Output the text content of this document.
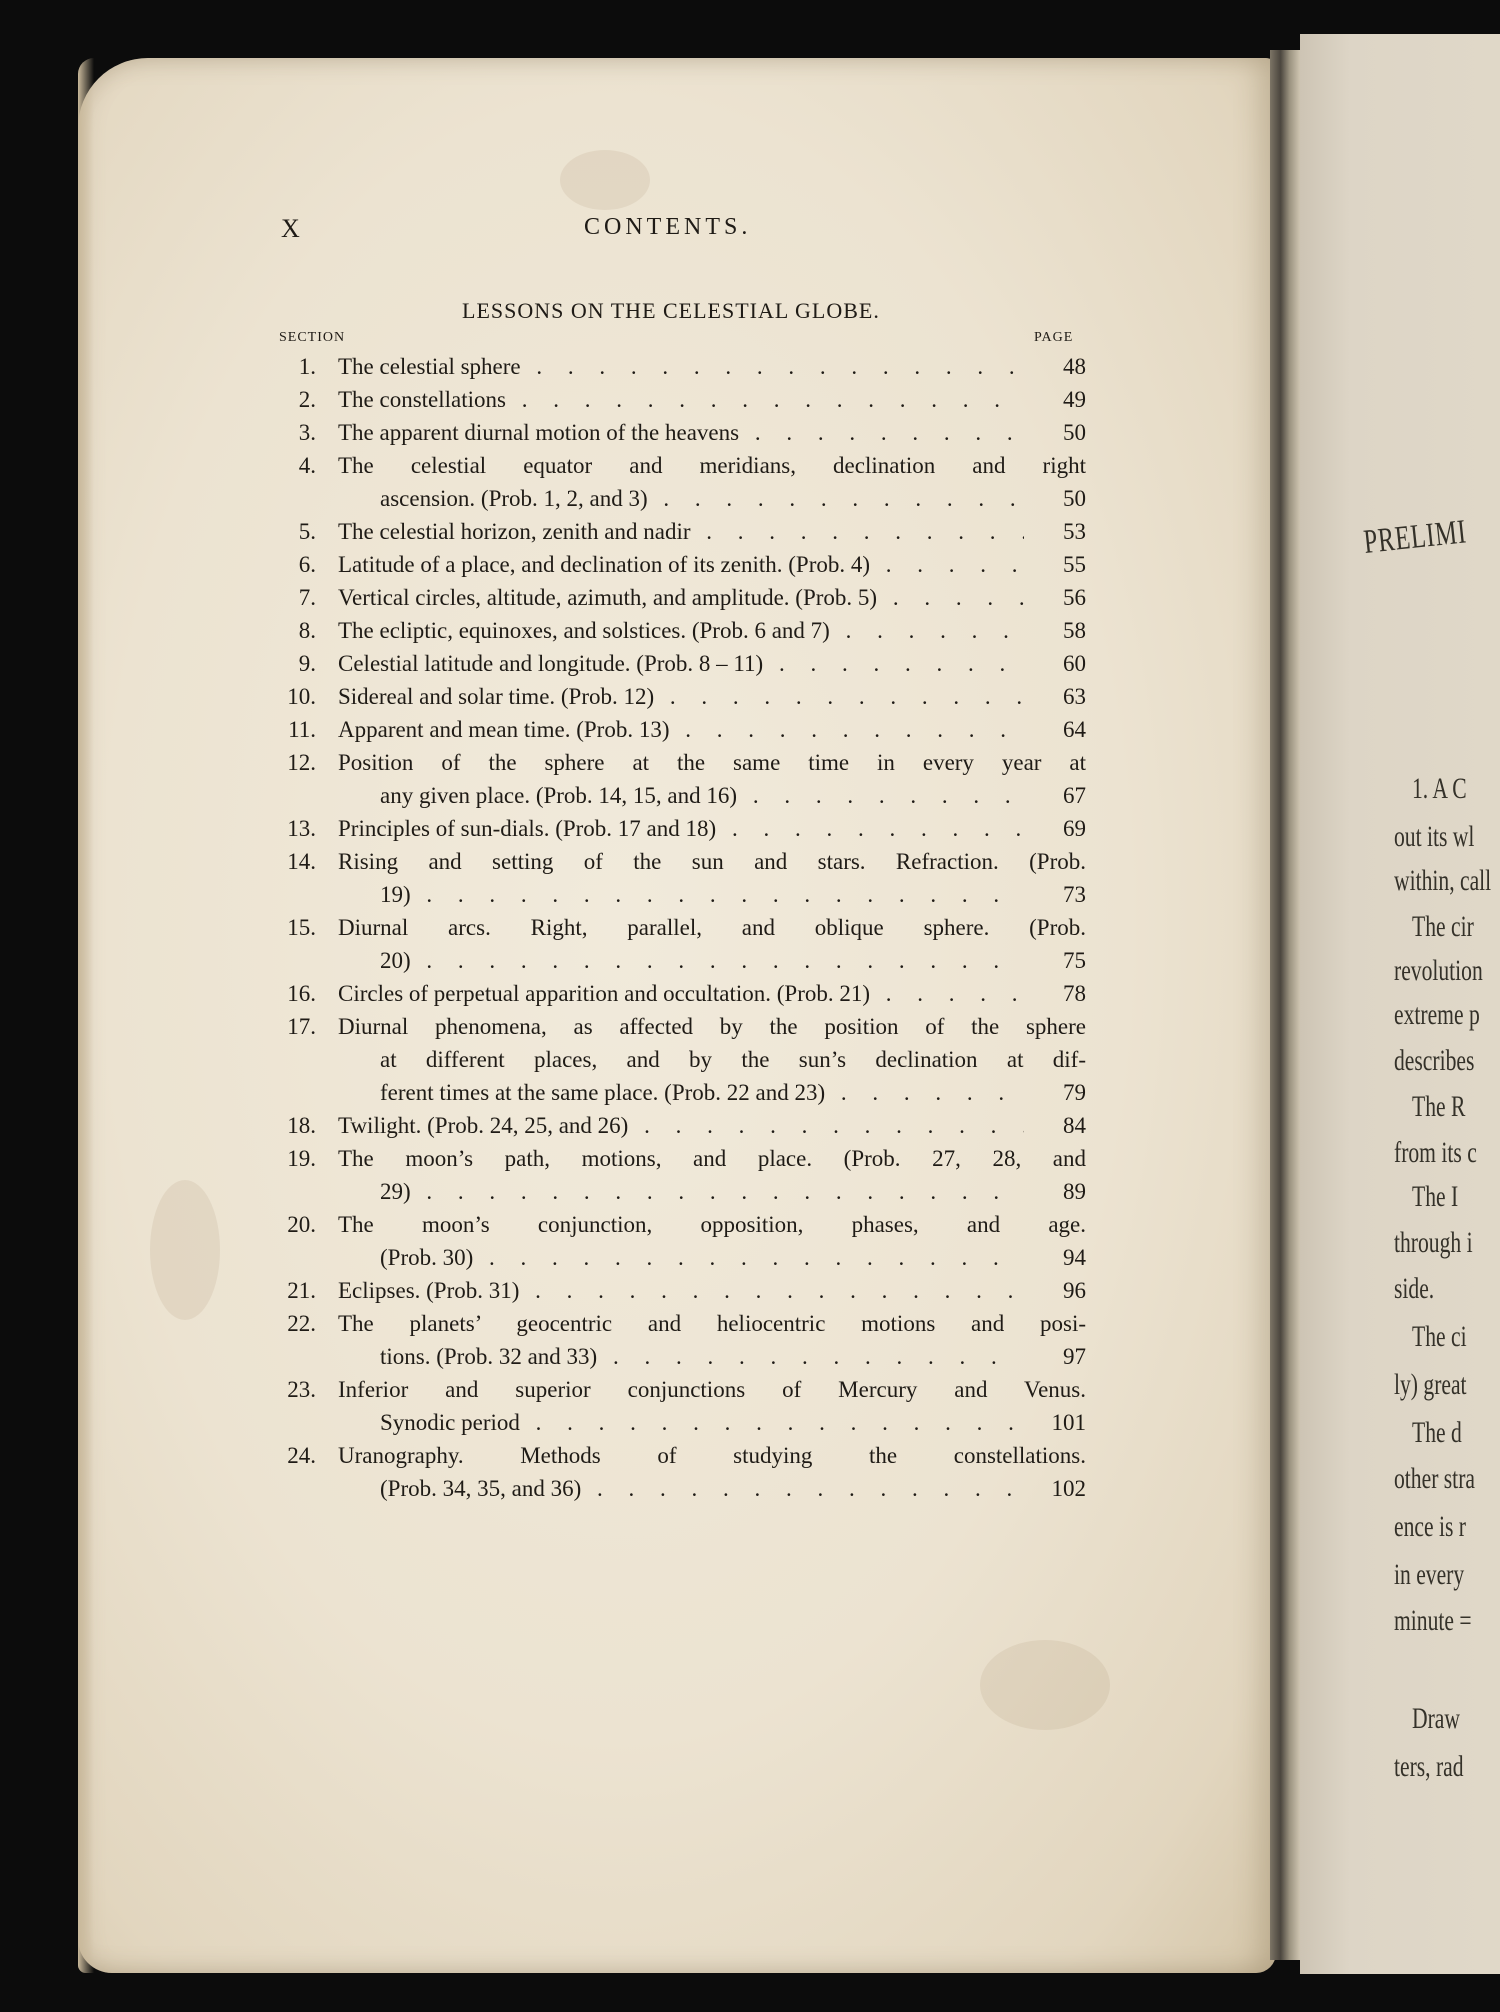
PRELIMI
1. A C
out its wl
within, call
The cir
revolution
extreme p
describes
The R
from its c
The I
through i
side.
The ci
ly) great
The d
other stra
ence is r
in every
minute =
Draw
ters, rad
X	CONTENTS.
LESSONS ON THE CELESTIAL GLOBE.
SECTION	PAGE
1. The celestial sphere . . .	48
2. The constellations . . .	49
3. The apparent diurnal motion of the heavens . . .	50
4. The celestial equator and meridians, declination and right
ascension. (Prob. 1, 2, and 3) . . .	50
5. The celestial horizon, zenith and nadir . . .	53
6. Latitude of a place, and declination of its zenith. (Prob. 4) . . .	55
7. Vertical circles, altitude, azimuth, and amplitude. (Prob. 5) . . .	56
8. The ecliptic, equinoxes, and solstices. (Prob. 6 and 7) . . .	58
9. Celestial latitude and longitude. (Prob. 8 – 11) . . .	60
10. Sidereal and solar time. (Prob. 12) . . .	63
11. Apparent and mean time. (Prob. 13) . . .	64
12. Position of the sphere at the same time in every year at
any given place. (Prob. 14, 15, and 16) . . .	67
13. Principles of sun-dials. (Prob. 17 and 18) . . .	69
14. Rising and setting of the sun and stars. Refraction. (Prob.
19) . . .	73
15. Diurnal arcs. Right, parallel, and oblique sphere. (Prob.
20) . . .	75
16. Circles of perpetual apparition and occultation. (Prob. 21) . . .	78
17. Diurnal phenomena, as affected by the position of the sphere
at different places, and by the sun’s declination at dif-
ferent times at the same place. (Prob. 22 and 23) . . .	79
18. Twilight. (Prob. 24, 25, and 26) . . .	84
19. The moon’s path, motions, and place. (Prob. 27, 28, and
29) . . .	89
20. The moon’s conjunction, opposition, phases, and age.
(Prob. 30) . . .	94
21. Eclipses. (Prob. 31) . . .	96
22. The planets’ geocentric and heliocentric motions and posi-
tions. (Prob. 32 and 33) . . .	97
23. Inferior and superior conjunctions of Mercury and Venus.
Synodic period . . .	101
24. Uranography. Methods of studying the constellations.
(Prob. 34, 35, and 36) . . .	102
